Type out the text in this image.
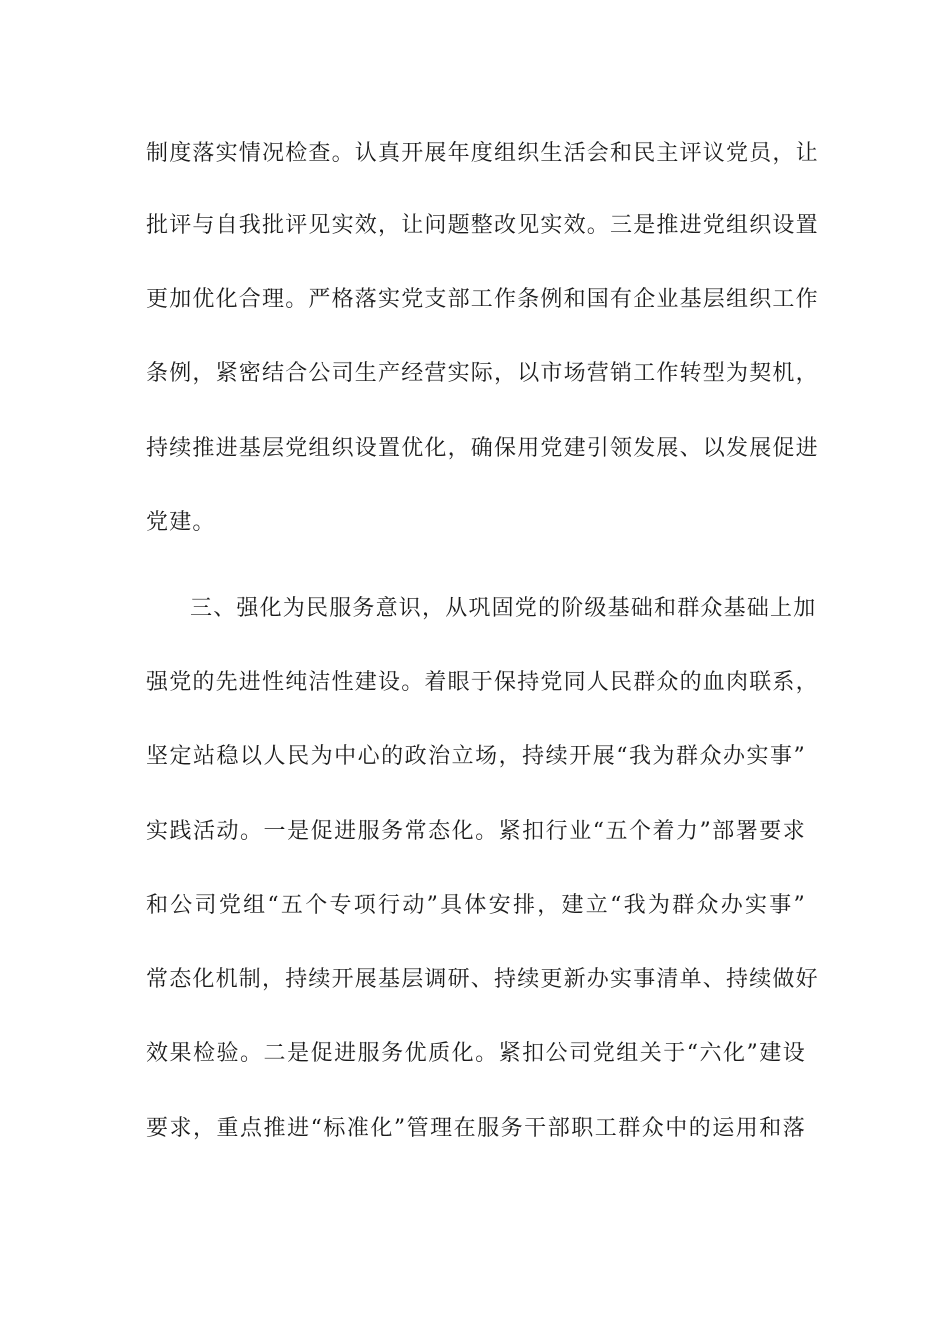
制度落实情况检查。认真开展年度组织生活会和民主评议党员，让
批评与自我批评见实效，让问题整改见实效。三是推进党组织设置
更加优化合理。严格落实党支部工作条例和国有企业基层组织工作
条例，紧密结合公司生产经营实际，以市场营销工作转型为契机，
持续推进基层党组织设置优化，确保用党建引领发展、以发展促进
党建。
三、强化为民服务意识，从巩固党的阶级基础和群众基础上加
强党的先进性纯洁性建设。着眼于保持党同人民群众的血肉联系，
坚定站稳以人民为中心的政治立场，持续开展“我为群众办实事”
实践活动。一是促进服务常态化。紧扣行业“五个着力”部署要求
和公司党组“五个专项行动”具体安排，建立“我为群众办实事”
常态化机制，持续开展基层调研、持续更新办实事清单、持续做好
效果检验。二是促进服务优质化。紧扣公司党组关于“六化”建设
要求，重点推进“标准化”管理在服务干部职工群众中的运用和落
